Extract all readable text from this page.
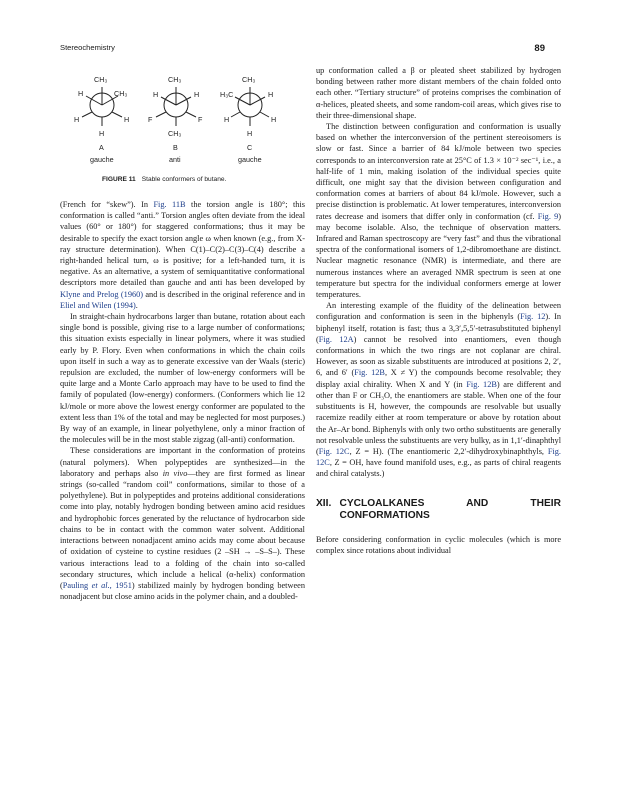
Stereochemistry	89
CH₃
H	CH₃
H	H
H
A
gauche
CH₃
H	H
F	F
CH₃
B
anti
CH₃
H₃C	H
H	H
H
C
gauche
FIGURE 11 Stable conformers of butane.

(French for “skew”). In Fig. 11B the torsion angle is 180°; this conformation is called “anti.” Torsion angles often deviate from the ideal values (60° or 180°) for staggered conformations; thus it may be desirable to specify the exact torsion angle ω when known (e.g., from X-ray structure determination). When C(1)–C(2)–C(3)–C(4) describe a right-handed helical turn, ω is positive; for a left-handed turn, it is negative. As an alternative, a system of semiquantitative conformational descriptors more detailed than gauche and anti has been developed by Klyne and Prelog (1960) and is described in the original reference and in Eliel and Wilen (1994).

In straight-chain hydrocarbons larger than butane, rotation about each single bond is possible, giving rise to a large number of conformations; this situation exists especially in linear polymers, where it was studied early by P. Flory. Even when conformations in which the chain coils upon itself in such a way as to generate excessive van der Waals (steric) repulsion are excluded, the number of low-energy conformers will be quite large and a Monte Carlo approach may have to be used to find the family of populated (low-energy) conformers. (Conformers which lie 12 kJ/mole or more above the lowest energy conformer are populated to the extent less than 1% of the total and may be neglected for most purposes.) By way of an example, in linear polyethylene, only a minor fraction of the molecules will be in the most stable zigzag (all-anti) conformation.

These considerations are important in the conformation of proteins (natural polymers). When polypeptides are synthesized—in the laboratory and perhaps also in vivo—they are first formed as linear strings (so-called “random coil” conformations, similar to those of a polyethylene). But in polypeptides and proteins additional considerations come into play, notably hydrogen bonding between amino acid residues and hydrophobic forces generated by the reluctance of hydrocarbon side chains to be in contact with the common water solvent. Additional interactions between nonadjacent amino acids may come about because of oxidation of cysteine to cystine residues (2 –SH → –S–S–). These various interactions lead to a folding of the chain into so-called secondary structures, which include a helical (α-helix) conformation (Pauling et al., 1951) stabilized mainly by hydrogen bonding between nonadjacent but close amino acids in the polymer chain, and a doubled-

up conformation called a β or pleated sheet stabilized by hydrogen bonding between rather more distant members of the chain folded onto each other. “Tertiary structure” of proteins comprises the combination of α-helices, pleated sheets, and some random-coil areas, which gives rise to their three-dimensional shape.

The distinction between configuration and conformation is usually based on whether the interconversion of the pertinent stereoisomers is slow or fast. Since a barrier of 84 kJ/mole between two species corresponds to an interconversion rate at 25°C of 1.3 × 10⁻² sec⁻¹, i.e., a half-life of 1 min, making isolation of the individual species quite difficult, one might say that the division between configuration and conformation comes at barriers of about 84 kJ/mole. However, such a precise distinction is problematic. At lower temperatures, interconversion rates decrease and isomers that differ only in conformation (cf. Fig. 9) may become isolable. Also, the technique of observation matters. Infrared and Raman spectroscopy are “very fast” and thus the vibrational spectra of the conformational isomers of 1,2-dibromoethane are distinct. Nuclear magnetic resonance (NMR) is intermediate, and there are numerous instances where an averaged NMR spectrum is seen at one temperature but spectra for the individual conformers emerge at lower temperatures.

An interesting example of the fluidity of the delineation between configuration and conformation is seen in the biphenyls (Fig. 12). In biphenyl itself, rotation is fast; thus a 3,3′,5,5′-tetrasubstituted biphenyl (Fig. 12A) cannot be resolved into enantiomers, even though conformations in which the two rings are not coplanar are chiral. However, as soon as sizable substituents are introduced at positions 2, 2′, 6, and 6′ (Fig. 12B, X ≠ Y) the compounds become resolvable; they display axial chirality. When X and Y (in Fig. 12B) are different and other than F or CH₃O, the enantiomers are stable. When one of the four substituents is H, however, the compounds are resolvable but usually racemize readily either at room temperature or above by rotation about the Ar–Ar bond. Biphenyls with only two ortho substituents are generally not resolvable unless the substituents are very bulky, as in 1,1′-dinaphthyl (Fig. 12C, Z = H). (The enantiomeric 2,2′-dihydroxybinaphthyls, Fig. 12C, Z = OH, have found manifold uses, e.g., as parts of chiral reagents and chiral catalysts.)

XII. CYCLOALKANES AND THEIR CONFORMATIONS

Before considering conformation in cyclic molecules (which is more complex since rotations about individual
